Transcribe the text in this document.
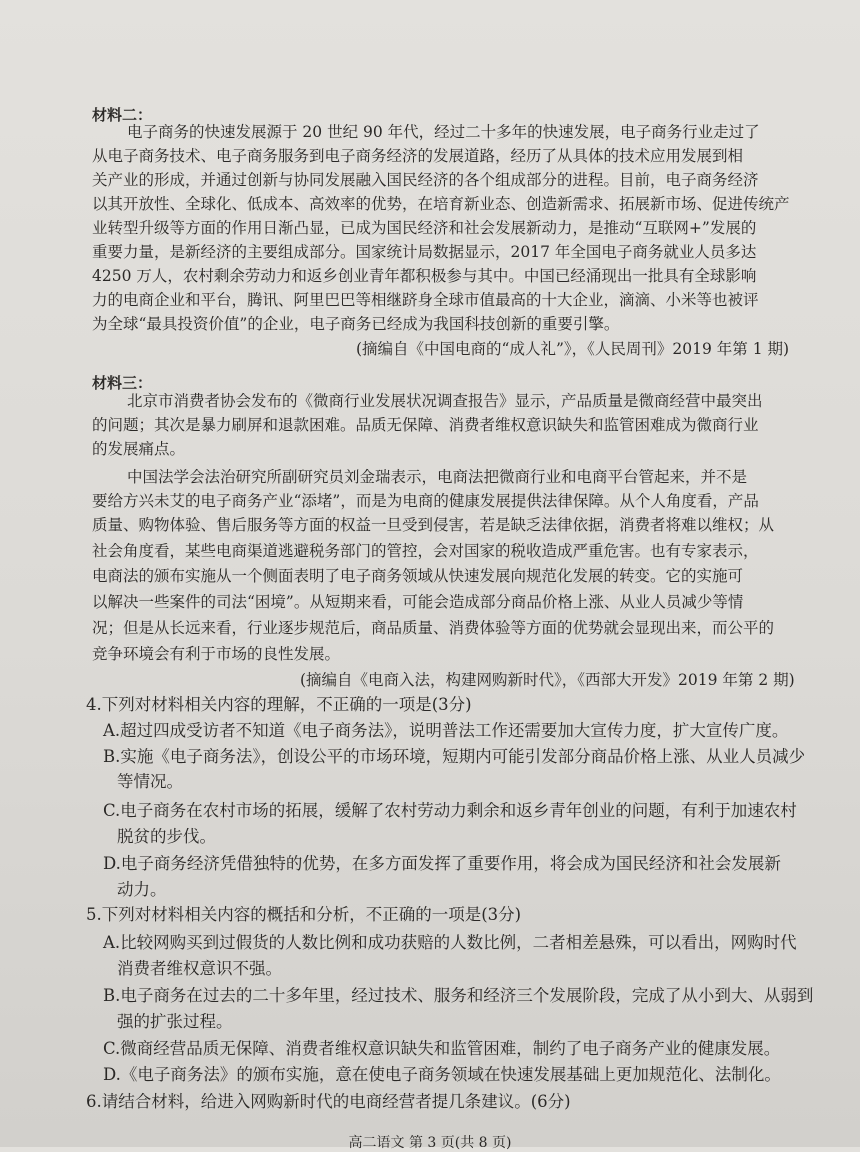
材料二：
电子商务的快速发展源于 20 世纪 90 年代，经过二十多年的快速发展，电子商务行业走过了
从电子商务技术、电子商务服务到电子商务经济的发展道路，经历了从具体的技术应用发展到相
关产业的形成，并通过创新与协同发展融入国民经济的各个组成部分的进程。目前，电子商务经济
以其开放性、全球化、低成本、高效率的优势，在培育新业态、创造新需求、拓展新市场、促进传统产
业转型升级等方面的作用日渐凸显，已成为国民经济和社会发展新动力，是推动“互联网+”发展的
重要力量，是新经济的主要组成部分。国家统计局数据显示，2017 年全国电子商务就业人员多达
4250 万人，农村剩余劳动力和返乡创业青年都积极参与其中。中国已经涌现出一批具有全球影响
力的电商企业和平台，腾讯、阿里巴巴等相继跻身全球市值最高的十大企业，滴滴、小米等也被评
为全球“最具投资价值”的企业，电子商务已经成为我国科技创新的重要引擎。
(摘编自《中国电商的“成人礼”》，《人民周刊》2019 年第 1 期)
材料三：
北京市消费者协会发布的《微商行业发展状况调查报告》显示，产品质量是微商经营中最突出
的问题；其次是暴力刷屏和退款困难。品质无保障、消费者维权意识缺失和监管困难成为微商行业
的发展痛点。
中国法学会法治研究所副研究员刘金瑞表示，电商法把微商行业和电商平台管起来，并不是
要给方兴未艾的电子商务产业“添堵”，而是为电商的健康发展提供法律保障。从个人角度看，产品
质量、购物体验、售后服务等方面的权益一旦受到侵害，若是缺乏法律依据，消费者将难以维权；从
社会角度看，某些电商渠道逃避税务部门的管控，会对国家的税收造成严重危害。也有专家表示，
电商法的颁布实施从一个侧面表明了电子商务领域从快速发展向规范化发展的转变。它的实施可
以解决一些案件的司法“困境”。从短期来看，可能会造成部分商品价格上涨、从业人员减少等情
况；但是从长远来看，行业逐步规范后，商品质量、消费体验等方面的优势就会显现出来，而公平的
竞争环境会有利于市场的良性发展。
(摘编自《电商入法，构建网购新时代》，《西部大开发》2019 年第 2 期)
4.下列对材料相关内容的理解，不正确的一项是(3分)
A.超过四成受访者不知道《电子商务法》，说明普法工作还需要加大宣传力度，扩大宣传广度。
B.实施《电子商务法》，创设公平的市场环境，短期内可能引发部分商品价格上涨、从业人员减少
等情况。
C.电子商务在农村市场的拓展，缓解了农村劳动力剩余和返乡青年创业的问题，有利于加速农村
脱贫的步伐。
D.电子商务经济凭借独特的优势，在多方面发挥了重要作用，将会成为国民经济和社会发展新
动力。
5.下列对材料相关内容的概括和分析，不正确的一项是(3分)
A.比较网购买到过假货的人数比例和成功获赔的人数比例，二者相差悬殊，可以看出，网购时代
消费者维权意识不强。
B.电子商务在过去的二十多年里，经过技术、服务和经济三个发展阶段，完成了从小到大、从弱到
强的扩张过程。
C.微商经营品质无保障、消费者维权意识缺失和监管困难，制约了电子商务产业的健康发展。
D.《电子商务法》的颁布实施，意在使电子商务领域在快速发展基础上更加规范化、法制化。
6.请结合材料，给进入网购新时代的电商经营者提几条建议。(6分)
高二语文 第 3 页(共 8 页)
